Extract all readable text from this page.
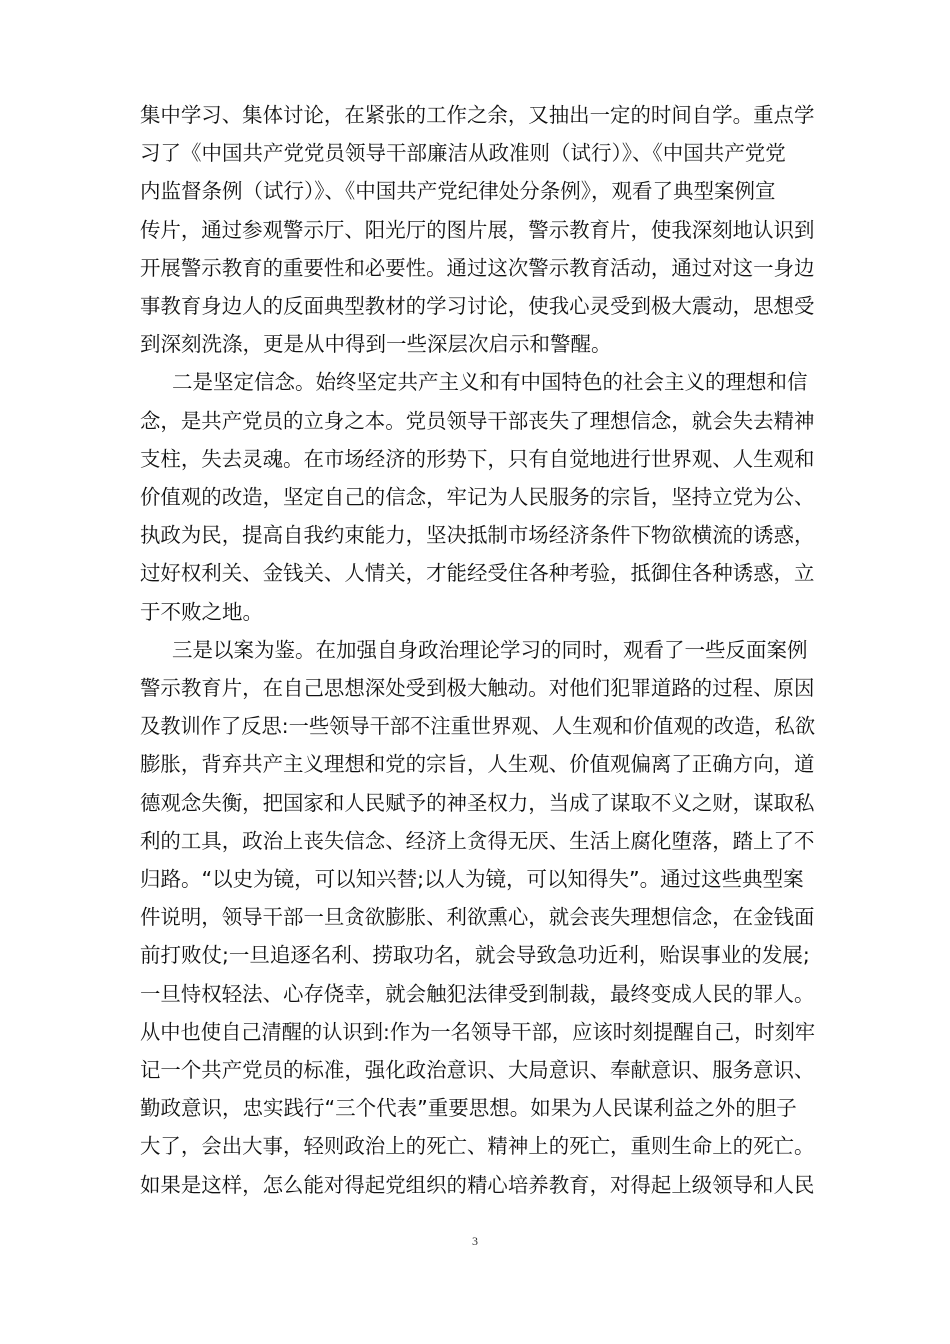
集中学习、集体讨论，在紧张的工作之余，又抽出一定的时间自学。重点学
习了《中国共产党党员领导干部廉洁从政准则（试行）》、《中国共产党党
内监督条例（试行）》、《中国共产党纪律处分条例》，观看了典型案例宣
传片，通过参观警示厅、阳光厅的图片展，警示教育片，使我深刻地认识到
开展警示教育的重要性和必要性。通过这次警示教育活动，通过对这一身边
事教育身边人的反面典型教材的学习讨论，使我心灵受到极大震动，思想受
到深刻洗涤，更是从中得到一些深层次启示和警醒。
二是坚定信念。始终坚定共产主义和有中国特色的社会主义的理想和信
念，是共产党员的立身之本。党员领导干部丧失了理想信念，就会失去精神
支柱，失去灵魂。在市场经济的形势下，只有自觉地进行世界观、人生观和
价值观的改造，坚定自己的信念，牢记为人民服务的宗旨，坚持立党为公、
执政为民，提高自我约束能力，坚决抵制市场经济条件下物欲横流的诱惑，
过好权利关、金钱关、人情关，才能经受住各种考验，抵御住各种诱惑，立
于不败之地。
三是以案为鉴。在加强自身政治理论学习的同时，观看了一些反面案例
警示教育片，在自己思想深处受到极大触动。对他们犯罪道路的过程、原因
及教训作了反思:一些领导干部不注重世界观、人生观和价值观的改造，私欲
膨胀，背弃共产主义理想和党的宗旨，人生观、价值观偏离了正确方向，道
德观念失衡，把国家和人民赋予的神圣权力，当成了谋取不义之财，谋取私
利的工具，政治上丧失信念、经济上贪得无厌、生活上腐化堕落，踏上了不
归路。“以史为镜，可以知兴替;以人为镜，可以知得失”。通过这些典型案
件说明，领导干部一旦贪欲膨胀、利欲熏心，就会丧失理想信念，在金钱面
前打败仗;一旦追逐名利、捞取功名，就会导致急功近利，贻误事业的发展;
一旦恃权轻法、心存侥幸，就会触犯法律受到制裁，最终变成人民的罪人。
从中也使自己清醒的认识到:作为一名领导干部，应该时刻提醒自己，时刻牢
记一个共产党员的标准，强化政治意识、大局意识、奉献意识、服务意识、
勤政意识，忠实践行“三个代表”重要思想。如果为人民谋利益之外的胆子
大了，会出大事，轻则政治上的死亡、精神上的死亡，重则生命上的死亡。
如果是这样，怎么能对得起党组织的精心培养教育，对得起上级领导和人民
3
